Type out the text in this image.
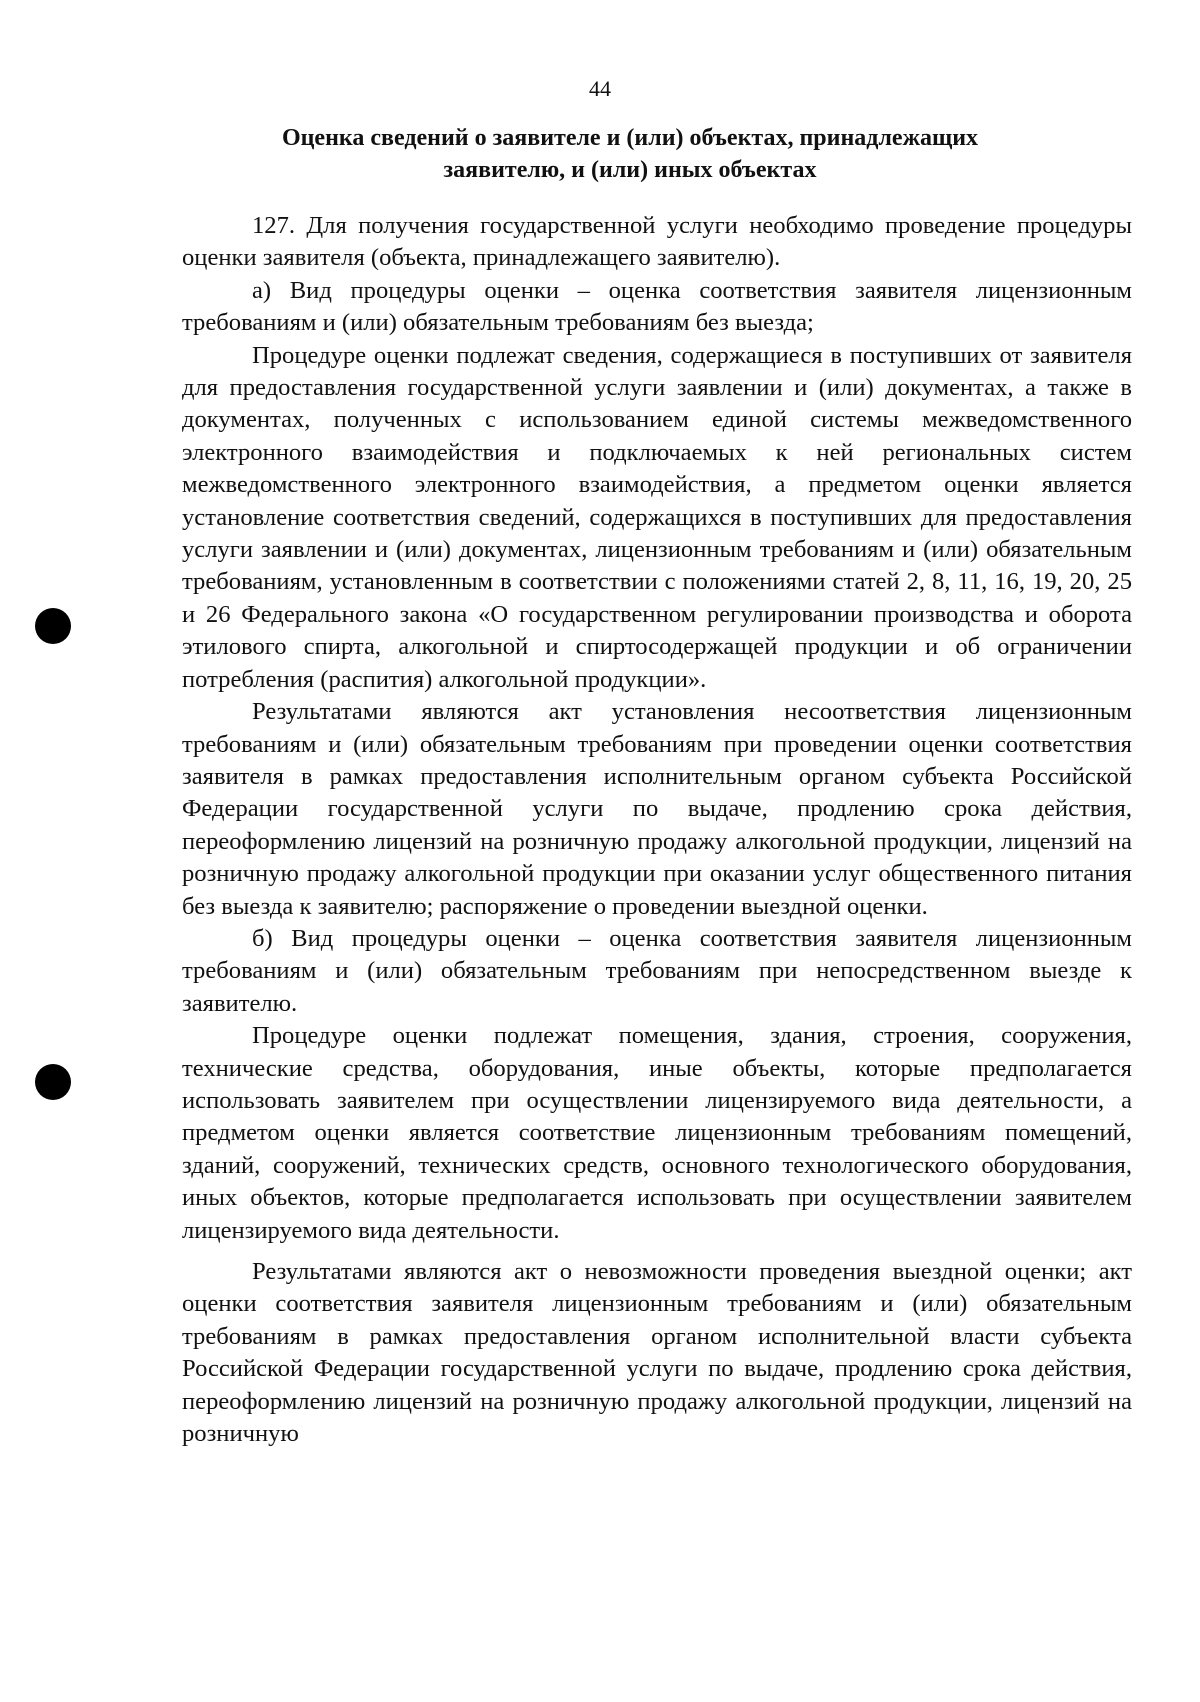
44
Оценка сведений о заявителе и (или) объектах, принадлежащих
заявителю, и (или) иных объектах

127. Для получения государственной услуги необходимо проведение процедуры оценки заявителя (объекта, принадлежащего заявителю).

а) Вид процедуры оценки – оценка соответствия заявителя лицензионным требованиям и (или) обязательным требованиям без выезда;

Процедуре оценки подлежат сведения, содержащиеся в поступивших от заявителя для предоставления государственной услуги заявлении и (или) документах, а также в документах, полученных с использованием единой системы межведомственного электронного взаимодействия и подключаемых к ней региональных систем межведомственного электронного взаимодействия, а предметом оценки является установление соответствия сведений, содержащихся в поступивших для предоставления услуги заявлении и (или) документах, лицензионным требованиям и (или) обязательным требованиям, установленным в соответствии с положениями статей 2, 8, 11, 16, 19, 20, 25 и 26 Федерального закона «О государственном регулировании производства и оборота этилового спирта, алкогольной и спиртосодержащей продукции и об ограничении потребления (распития) алкогольной продукции».

Результатами являются акт установления несоответствия лицензионным требованиям и (или) обязательным требованиям при проведении оценки соответствия заявителя в рамках предоставления исполнительным органом субъекта Российской Федерации государственной услуги по выдаче, продлению срока действия, переоформлению лицензий на розничную продажу алкогольной продукции, лицензий на розничную продажу алкогольной продукции при оказании услуг общественного питания без выезда к заявителю; распоряжение о проведении выездной оценки.

б) Вид процедуры оценки – оценка соответствия заявителя лицензионным требованиям и (или) обязательным требованиям при непосредственном выезде к заявителю.

Процедуре оценки подлежат помещения, здания, строения, сооружения, технические средства, оборудования, иные объекты, которые предполагается использовать заявителем при осуществлении лицензируемого вида деятельности, а предметом оценки является соответствие лицензионным требованиям помещений, зданий, сооружений, технических средств, основного технологического оборудования, иных объектов, которые предполагается использовать при осуществлении заявителем лицензируемого вида деятельности.

Результатами являются акт о невозможности проведения выездной оценки; акт оценки соответствия заявителя лицензионным требованиям и (или) обязательным требованиям в рамках предоставления органом исполнительной власти субъекта Российской Федерации государственной услуги по выдаче, продлению срока действия, переоформлению лицензий на розничную продажу алкогольной продукции, лицензий на розничную
